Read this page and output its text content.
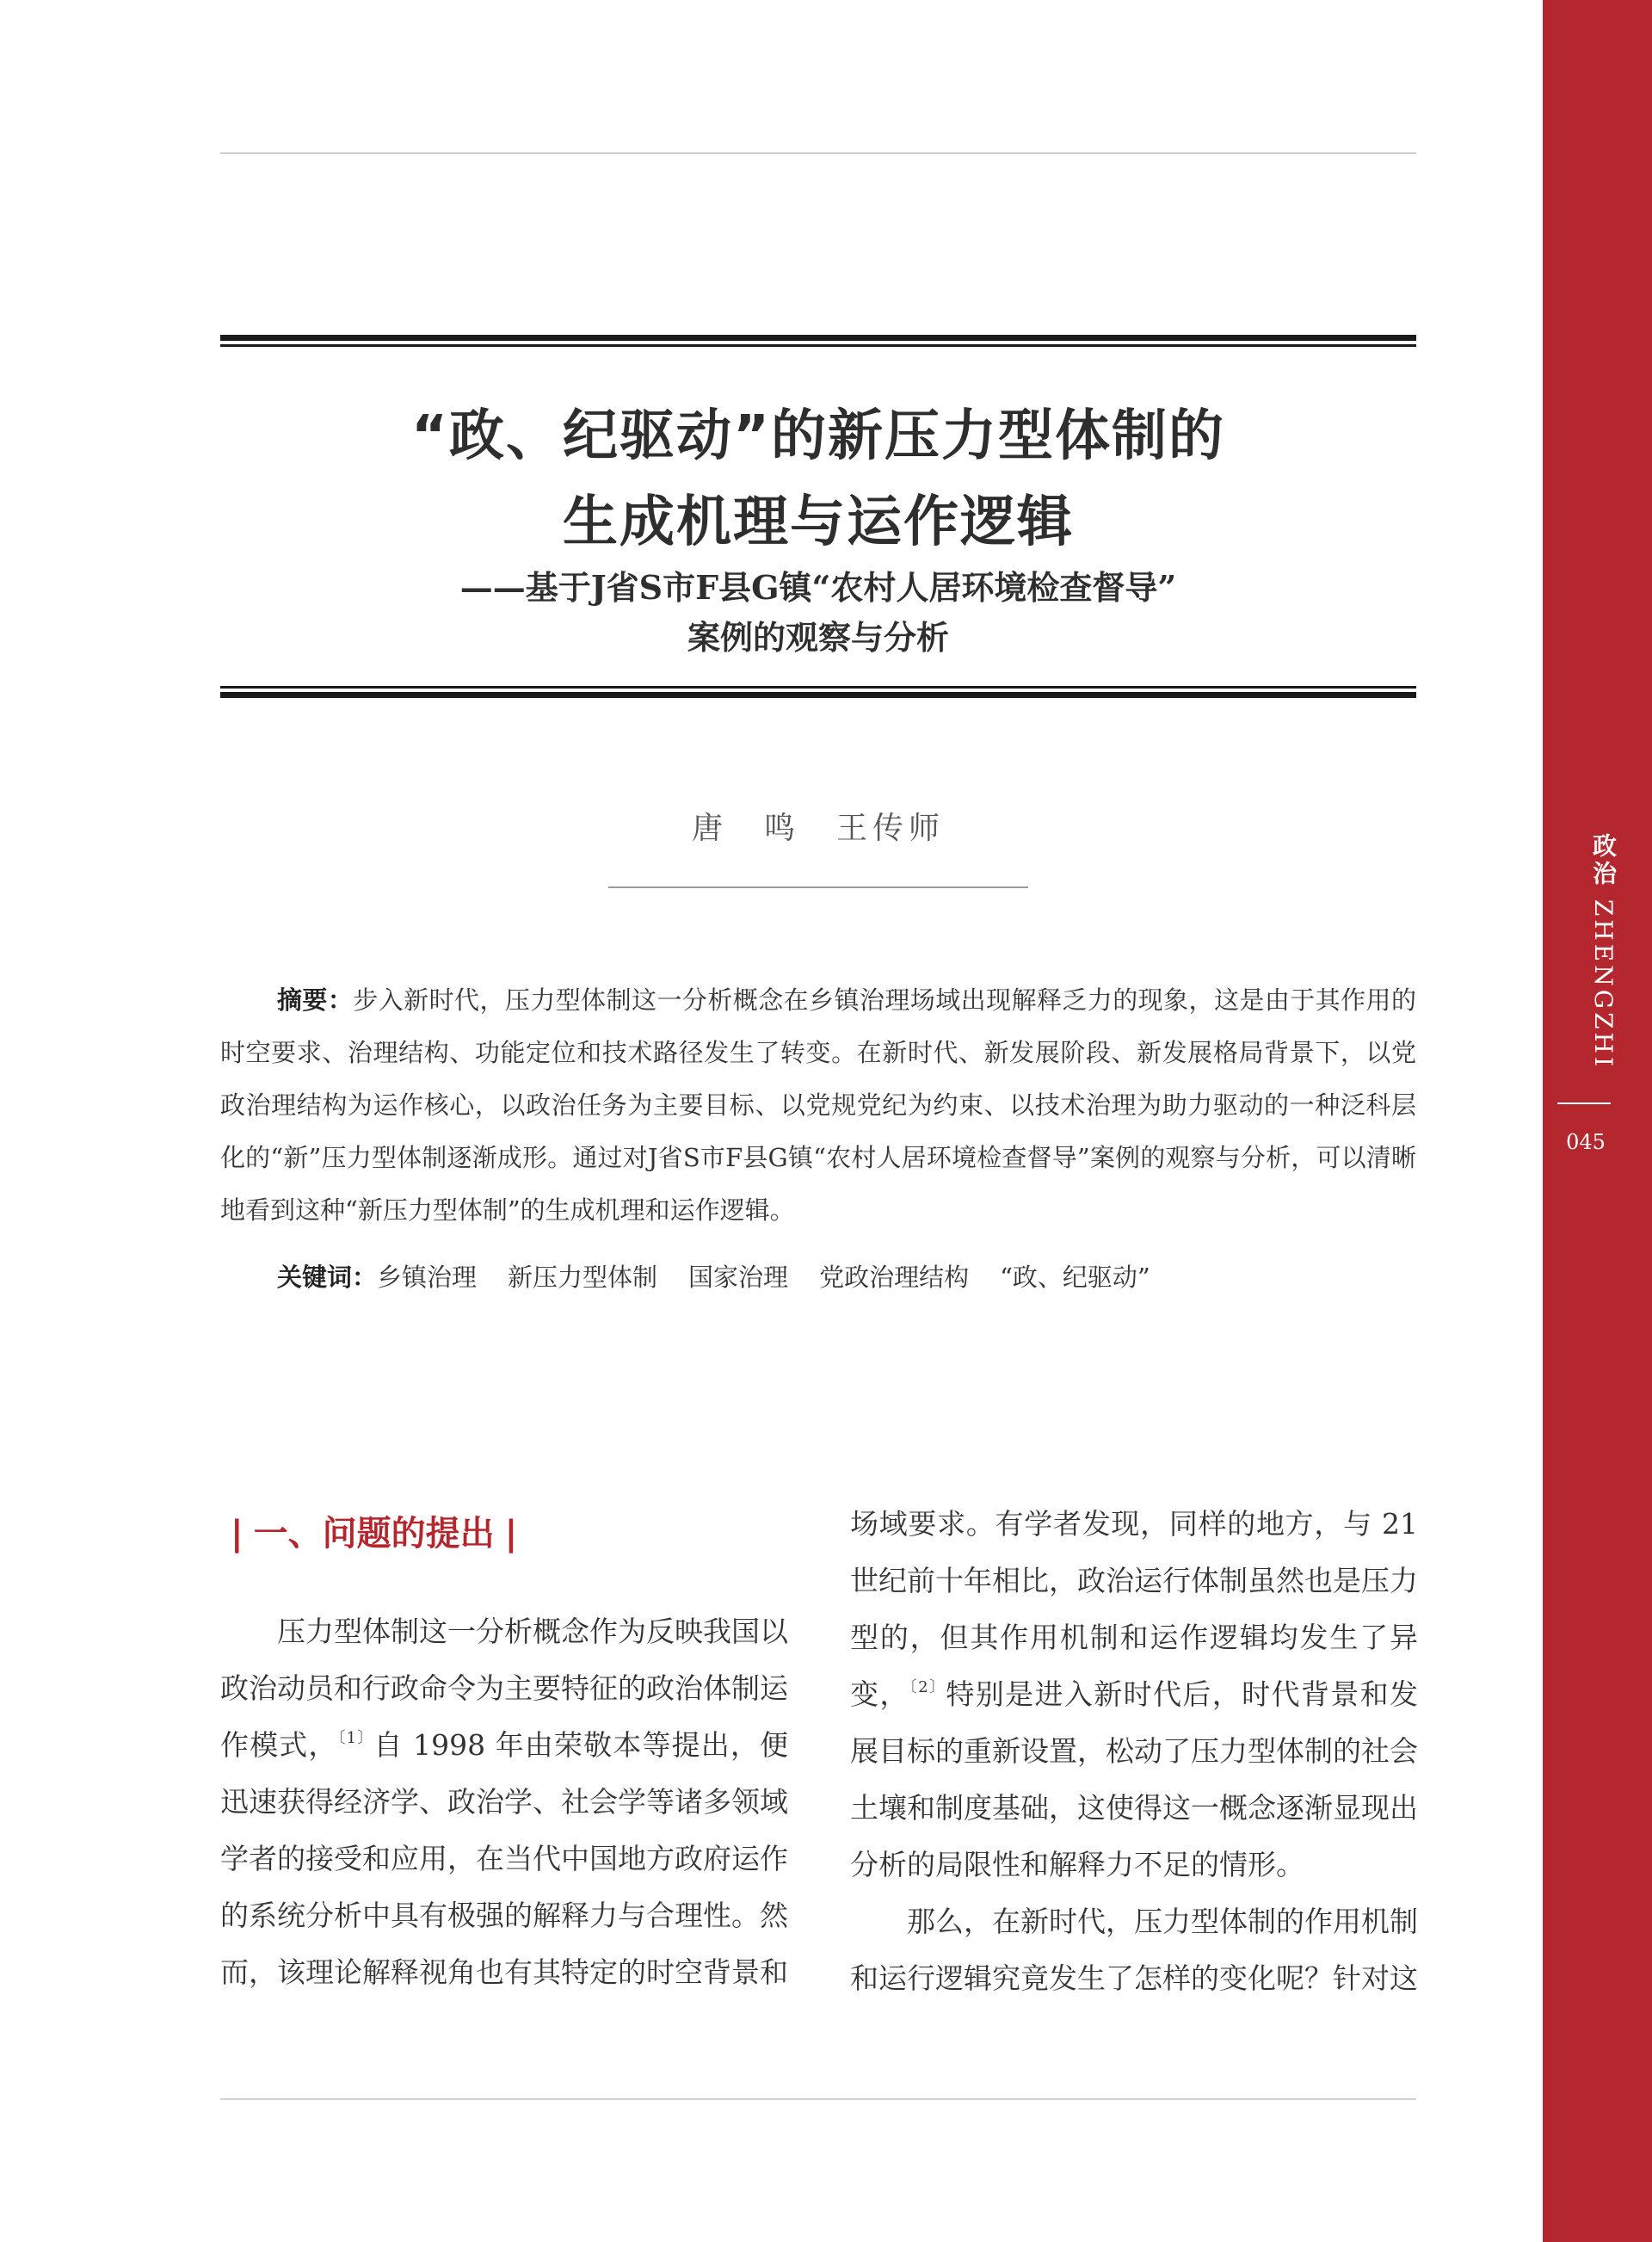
“政、纪驱动”的新压力型体制的
生成机理与运作逻辑
——基于J省S市F县G镇“农村人居环境检查督导”
案例的观察与分析
唐　鸣　王传师

摘要：步入新时代，压力型体制这一分析概念在乡镇治理场域出现解释乏力的现象，这是由于其作用的时空要求、治理结构、功能定位和技术路径发生了转变。在新时代、新发展阶段、新发展格局背景下，以党政治理结构为运作核心，以政治任务为主要目标、以党规党纪为约束、以技术治理为助力驱动的一种泛科层化的“新”压力型体制逐渐成形。通过对J省S市F县G镇“农村人居环境检查督导”案例的观察与分析，可以清晰地看到这种“新压力型体制”的生成机理和运作逻辑。

关键词：乡镇治理 新压力型体制 国家治理 党政治理结构 “政、纪驱动”

| 一、问题的提出 |

压力型体制这一分析概念作为反映我国以政治动员和行政命令为主要特征的政治体制运作模式，$^{〔1〕}$自 1998 年由荣敬本等提出，便迅速获得经济学、政治学、社会学等诸多领域学者的接受和应用，在当代中国地方政府运作的系统分析中具有极强的解释力与合理性。然而，该理论解释视角也有其特定的时空背景和

场域要求。有学者发现，同样的地方，与 21 世纪前十年相比，政治运行体制虽然也是压力型的，但其作用机制和运作逻辑均发生了异变，$^{〔2〕}$特别是进入新时代后，时代背景和发展目标的重新设置，松动了压力型体制的社会土壤和制度基础，这使得这一概念逐渐显现出分析的局限性和解释力不足的情形。

那么，在新时代，压力型体制的作用机制和运行逻辑究竟发生了怎样的变化呢？针对这

政治 ZHENGZHI
045
